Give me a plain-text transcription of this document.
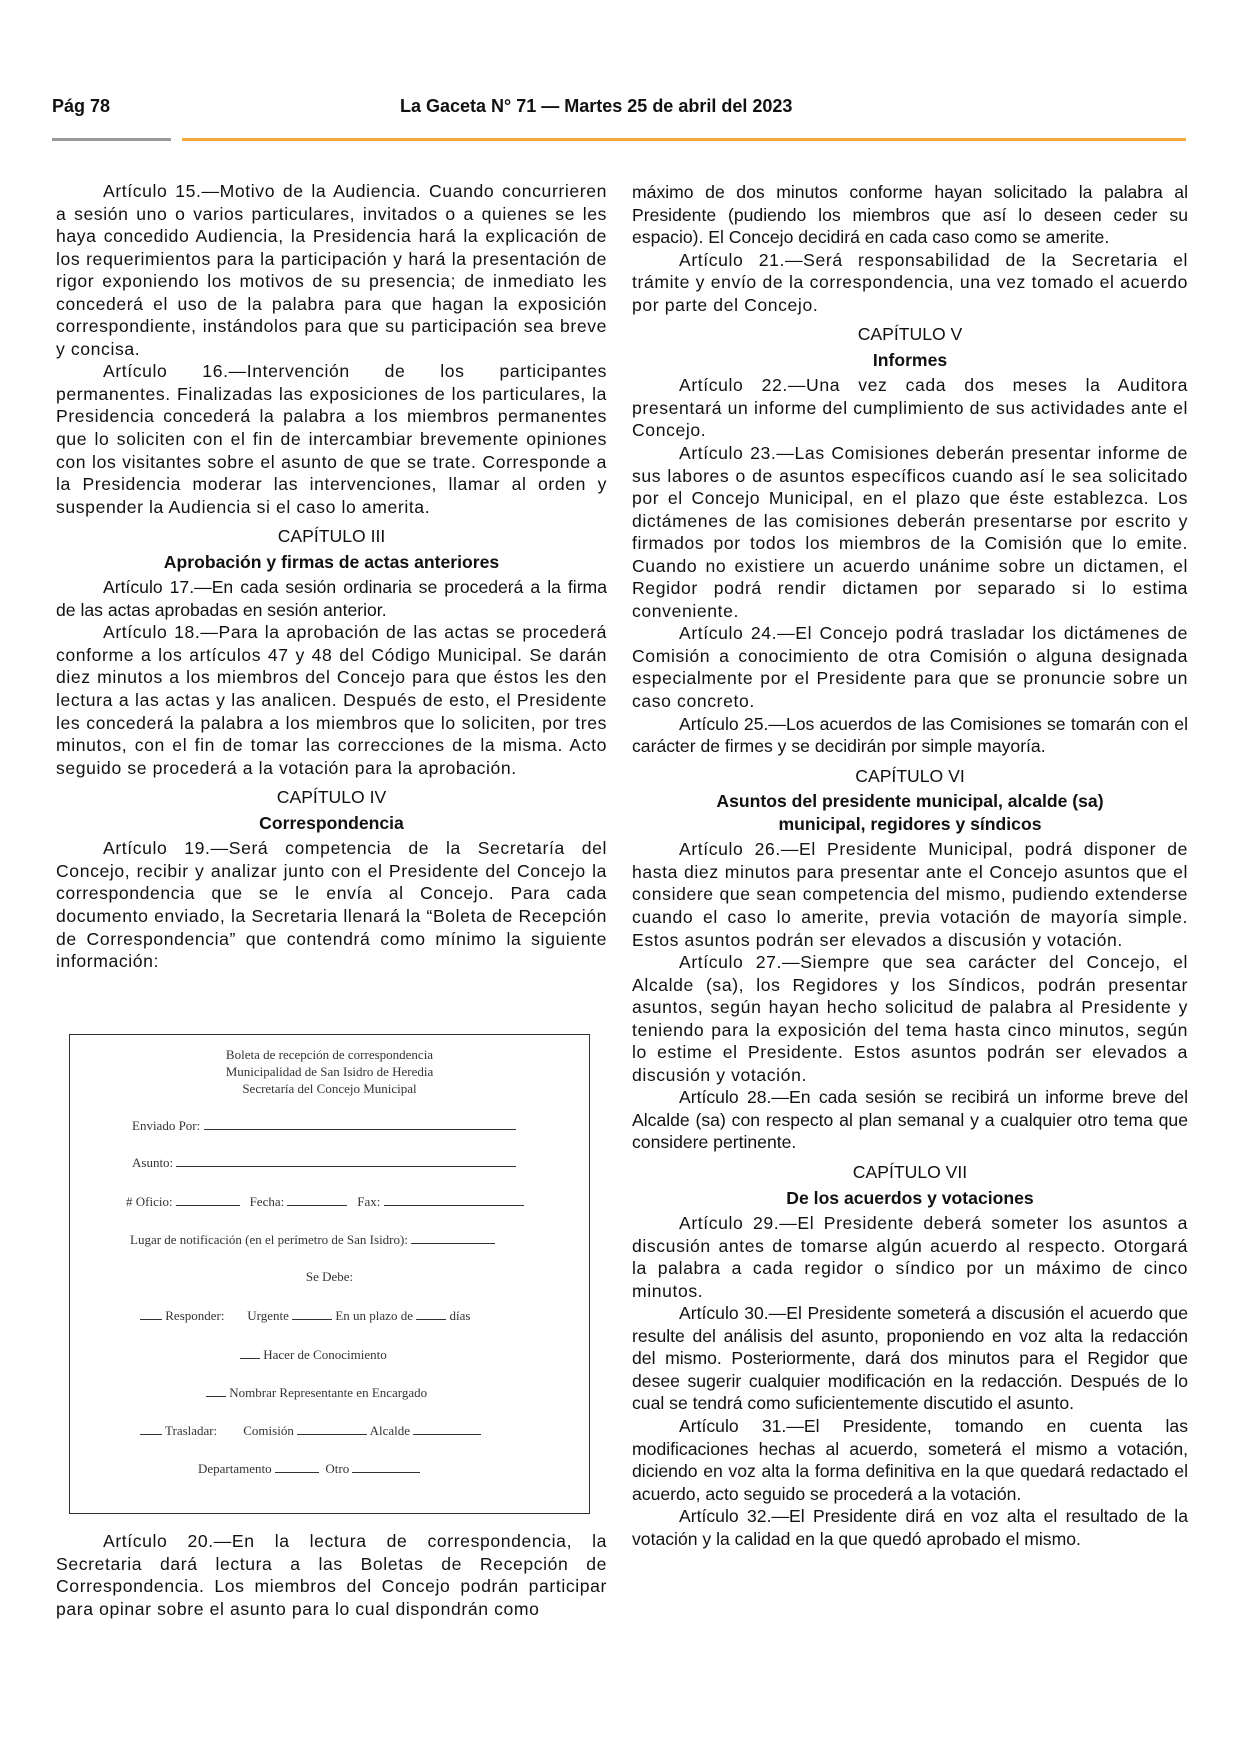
Pág 78	La Gaceta N° 71 — Martes 25 de abril del 2023

Artículo 15.—Motivo de la Audiencia. Cuando concurrieren a sesión uno o varios particulares, invitados o a quienes se les haya concedido Audiencia, la Presidencia hará la explicación de los requerimientos para la participación y hará la presentación de rigor exponiendo los motivos de su presencia; de inmediato les concederá el uso de la palabra para que hagan la exposición correspondiente, instándolos para que su participación sea breve y concisa.

Artículo 16.—Intervención de los participantes permanentes. Finalizadas las exposiciones de los particulares, la Presidencia concederá la palabra a los miembros permanentes que lo soliciten con el fin de intercambiar brevemente opiniones con los visitantes sobre el asunto de que se trate. Corresponde a la Presidencia moderar las intervenciones, llamar al orden y suspender la Audiencia si el caso lo amerita.

CAPÍTULO III
Aprobación y firmas de actas anteriores

Artículo 17.—En cada sesión ordinaria se procederá a la firma de las actas aprobadas en sesión anterior.

Artículo 18.—Para la aprobación de las actas se procederá conforme a los artículos 47 y 48 del Código Municipal. Se darán diez minutos a los miembros del Concejo para que éstos les den lectura a las actas y las analicen. Después de esto, el Presidente les concederá la palabra a los miembros que lo soliciten, por tres minutos, con el fin de tomar las correcciones de la misma. Acto seguido se procederá a la votación para la aprobación.

CAPÍTULO IV
Correspondencia

Artículo 19.—Será competencia de la Secretaría del Concejo, recibir y analizar junto con el Presidente del Concejo la correspondencia que se le envía al Concejo. Para cada documento enviado, la Secretaria llenará la “Boleta de Recepción de Correspondencia” que contendrá como mínimo la siguiente información:

Boleta de recepción de correspondencia
Municipalidad de San Isidro de Heredia
Secretaría del Concejo Municipal
Enviado Por:
Asunto:
# Oficio:	Fecha:	Fax:
Lugar de notificación (en el perímetro de San Isidro):
Se Debe:
Responder: Urgente	En un plazo de	días
Hacer de Conocimiento
Nombrar Representante en Encargado
Trasladar: Comisión	Alcalde
Departamento	Otro

Artículo 20.—En la lectura de correspondencia, la Secretaria dará lectura a las Boletas de Recepción de Correspondencia. Los miembros del Concejo podrán participar para opinar sobre el asunto para lo cual dispondrán como

máximo de dos minutos conforme hayan solicitado la palabra al Presidente (pudiendo los miembros que así lo deseen ceder su espacio). El Concejo decidirá en cada caso como se amerite.

Artículo 21.—Será responsabilidad de la Secretaria el trámite y envío de la correspondencia, una vez tomado el acuerdo por parte del Concejo.

CAPÍTULO V
Informes

Artículo 22.—Una vez cada dos meses la Auditora presentará un informe del cumplimiento de sus actividades ante el Concejo.

Artículo 23.—Las Comisiones deberán presentar informe de sus labores o de asuntos específicos cuando así le sea solicitado por el Concejo Municipal, en el plazo que éste establezca. Los dictámenes de las comisiones deberán presentarse por escrito y firmados por todos los miembros de la Comisión que lo emite. Cuando no existiere un acuerdo unánime sobre un dictamen, el Regidor podrá rendir dictamen por separado si lo estima conveniente.

Artículo 24.—El Concejo podrá trasladar los dictámenes de Comisión a conocimiento de otra Comisión o alguna designada especialmente por el Presidente para que se pronuncie sobre un caso concreto.

Artículo 25.—Los acuerdos de las Comisiones se tomarán con el carácter de firmes y se decidirán por simple mayoría.

CAPÍTULO VI
Asuntos del presidente municipal, alcalde (sa)
municipal, regidores y síndicos

Artículo 26.—El Presidente Municipal, podrá disponer de hasta diez minutos para presentar ante el Concejo asuntos que el considere que sean competencia del mismo, pudiendo extenderse cuando el caso lo amerite, previa votación de mayoría simple. Estos asuntos podrán ser elevados a discusión y votación.

Artículo 27.—Siempre que sea carácter del Concejo, el Alcalde (sa), los Regidores y los Síndicos, podrán presentar asuntos, según hayan hecho solicitud de palabra al Presidente y teniendo para la exposición del tema hasta cinco minutos, según lo estime el Presidente. Estos asuntos podrán ser elevados a discusión y votación.

Artículo 28.—En cada sesión se recibirá un informe breve del Alcalde (sa) con respecto al plan semanal y a cualquier otro tema que considere pertinente.

CAPÍTULO VII
De los acuerdos y votaciones

Artículo 29.—El Presidente deberá someter los asuntos a discusión antes de tomarse algún acuerdo al respecto. Otorgará la palabra a cada regidor o síndico por un máximo de cinco minutos.

Artículo 30.—El Presidente someterá a discusión el acuerdo que resulte del análisis del asunto, proponiendo en voz alta la redacción del mismo. Posteriormente, dará dos minutos para el Regidor que desee sugerir cualquier modificación en la redacción. Después de lo cual se tendrá como suficientemente discutido el asunto.

Artículo 31.—El Presidente, tomando en cuenta las modificaciones hechas al acuerdo, someterá el mismo a votación, diciendo en voz alta la forma definitiva en la que quedará redactado el acuerdo, acto seguido se procederá a la votación.

Artículo 32.—El Presidente dirá en voz alta el resultado de la votación y la calidad en la que quedó aprobado el mismo.
